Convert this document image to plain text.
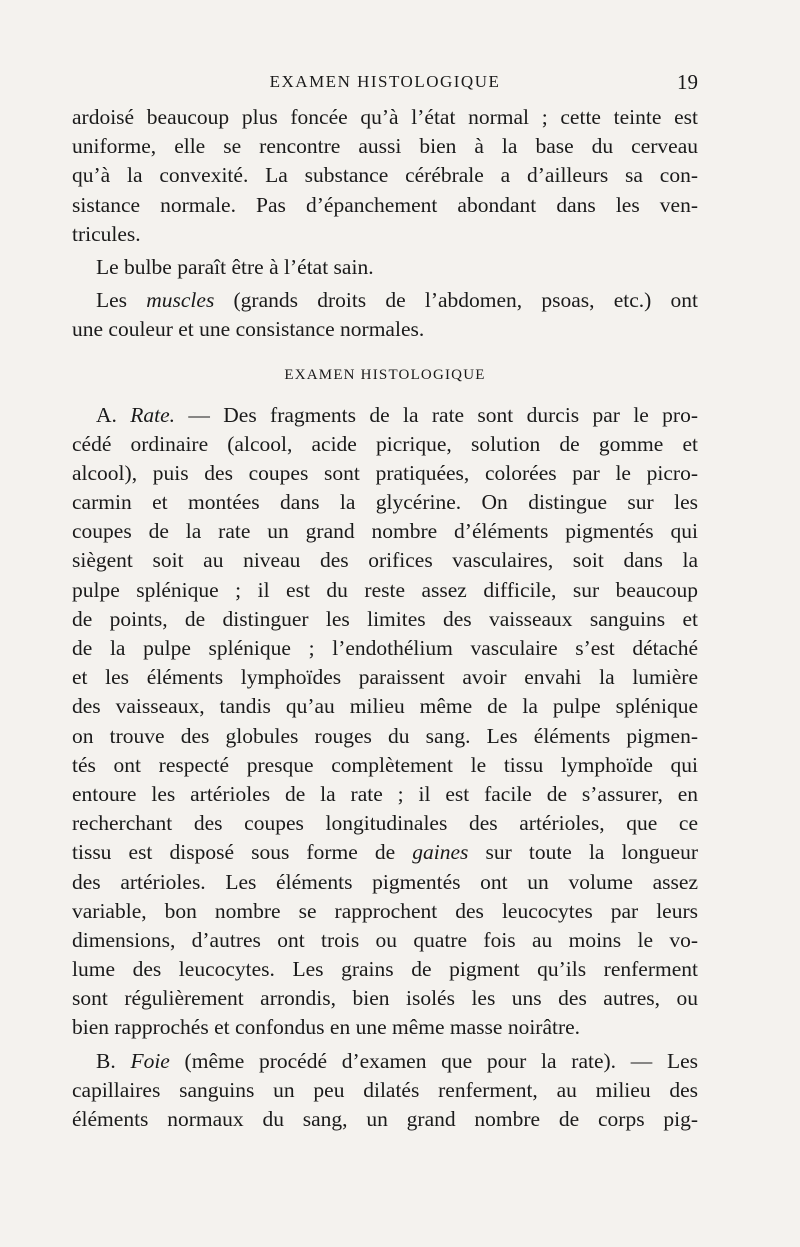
EXAMEN HISTOLOGIQUE	19
ardoisé beaucoup plus foncée qu’à l’état normal ; cette teinte est
uniforme, elle se rencontre aussi bien à la base du cerveau
qu’à la convexité. La substance cérébrale a d’ailleurs sa con-
sistance normale. Pas d’épanchement abondant dans les ven-
tricules.
Le bulbe paraît être à l’état sain.
Les muscles (grands droits de l’abdomen, psoas, etc.) ont
une couleur et une consistance normales.
EXAMEN HISTOLOGIQUE
A. Rate. — Des fragments de la rate sont durcis par le pro-
cédé ordinaire (alcool, acide picrique, solution de gomme et
alcool), puis des coupes sont pratiquées, colorées par le picro-
carmin et montées dans la glycérine. On distingue sur les
coupes de la rate un grand nombre d’éléments pigmentés qui
siègent soit au niveau des orifices vasculaires, soit dans la
pulpe splénique ; il est du reste assez difficile, sur beaucoup
de points, de distinguer les limites des vaisseaux sanguins et
de la pulpe splénique ; l’endothélium vasculaire s’est détaché
et les éléments lymphoïdes paraissent avoir envahi la lumière
des vaisseaux, tandis qu’au milieu même de la pulpe splénique
on trouve des globules rouges du sang. Les éléments pigmen-
tés ont respecté presque complètement le tissu lymphoïde qui
entoure les artérioles de la rate ; il est facile de s’assurer, en
recherchant des coupes longitudinales des artérioles, que ce
tissu est disposé sous forme de gaines sur toute la longueur
des artérioles. Les éléments pigmentés ont un volume assez
variable, bon nombre se rapprochent des leucocytes par leurs
dimensions, d’autres ont trois ou quatre fois au moins le vo-
lume des leucocytes. Les grains de pigment qu’ils renferment
sont régulièrement arrondis, bien isolés les uns des autres, ou
bien rapprochés et confondus en une même masse noirâtre.
B. Foie (même procédé d’examen que pour la rate). — Les
capillaires sanguins un peu dilatés renferment, au milieu des
éléments normaux du sang, un grand nombre de corps pig-
